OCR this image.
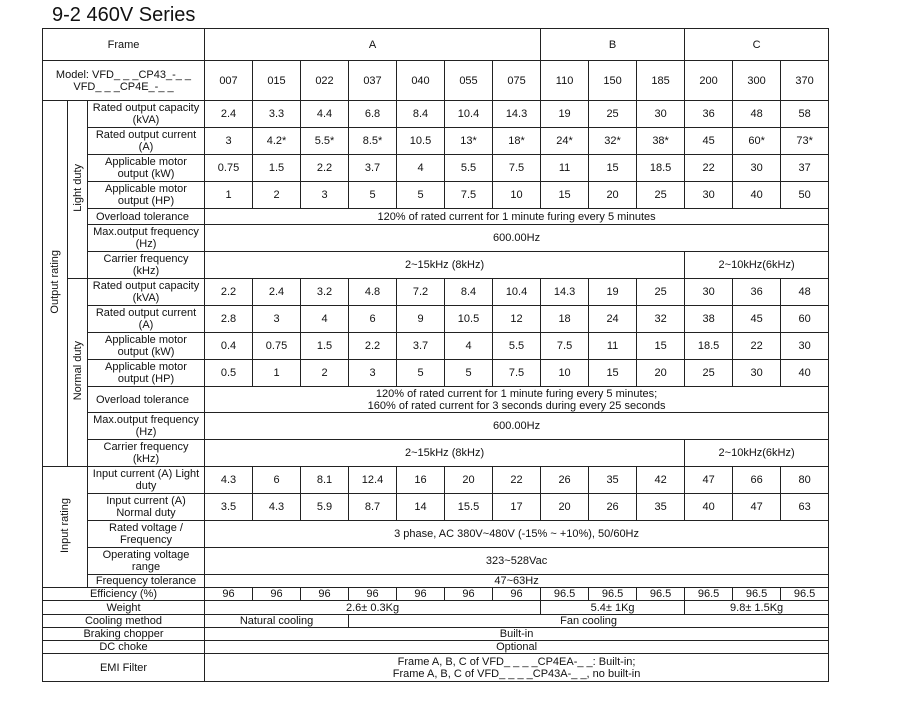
9-2 460V Series
Frame			A							B			C		
Model: VFD_ _ _CP43_-_ _
VFD_ _ _CP4E_-_ _			007	015	022	037	040	055	075	110	150	185	200	300	370
Output rating	Light duty	Rated output capacity (kVA)	2.4	3.3	4.4	6.8	8.4	10.4	14.3	19	25	30	36	48	58
		Rated output current (A)	3	4.2*	5.5*	8.5*	10.5	13*	18*	24*	32*	38*	45	60*	73*
		Applicable motor output (kW)	0.75	1.5	2.2	3.7	4	5.5	7.5	11	15	18.5	22	30	37
		Applicable motor output (HP)	1	2	3	5	5	7.5	10	15	20	25	30	40	50
		Overload tolerance	120% of rated current for 1 minute furing every 5 minutes												
		Max.output frequency (Hz)	600.00Hz												
		Carrier frequency (kHz)	2~15kHz (8kHz)										2~10kHz(6kHz)		
	Normal duty	Rated output capacity (kVA)	2.2	2.4	3.2	4.8	7.2	8.4	10.4	14.3	19	25	30	36	48
		Rated output current (A)	2.8	3	4	6	9	10.5	12	18	24	32	38	45	60
		Applicable motor output (kW)	0.4	0.75	1.5	2.2	3.7	4	5.5	7.5	11	15	18.5	22	30
		Applicable motor output (HP)	0.5	1	2	3	5	5	7.5	10	15	20	25	30	40
		Overload tolerance	120% of rated current for 1 minute furing every 5 minutes;
160% of rated current for 3 seconds during every 25 seconds												
		Max.output frequency (Hz)	600.00Hz												
		Carrier frequency (kHz)	2~15kHz (8kHz)										2~10kHz(6kHz)		
Input rating		Input current (A) Light duty	4.3	6	8.1	12.4	16	20	22	26	35	42	47	66	80
		Input current (A) Normal duty	3.5	4.3	5.9	8.7	14	15.5	17	20	26	35	40	47	63
		Rated voltage / Frequency	3 phase, AC 380V~480V (-15% ~ +10%), 50/60Hz												
		Operating voltage range	323~528Vac												
		Frequency tolerance	47~63Hz												
Efficiency (%)			96	96	96	96	96	96	96	96.5	96.5	96.5	96.5	96.5	96.5
Weight			2.6± 0.3Kg							5.4± 1Kg			9.8± 1.5Kg		
Cooling method			Natural cooling			Fan cooling									
Braking chopper			Built-in												
DC choke			Optional												
EMI Filter			Frame A, B, C of VFD_ _ _ _CP4EA-_ _: Built-in;
Frame A, B, C of VFD_ _ _ _CP43A-_ _, no built-in												
